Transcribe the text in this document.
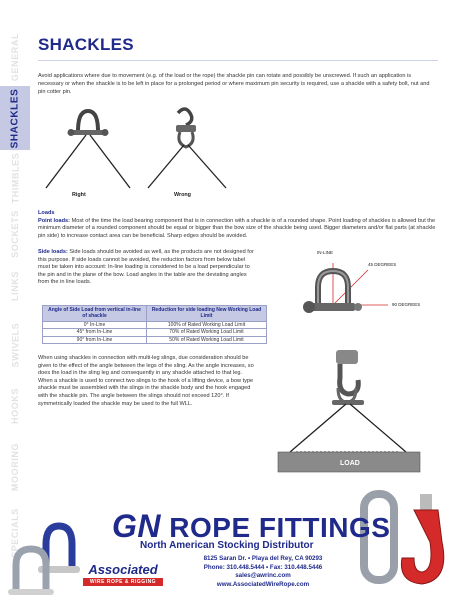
GENERAL
SHACKLES
THIMBLES
SOCKETS
LINKS
SWIVELS
HOOKS
MOORING
SPECIALS
SHACKLES

Avoid applications where due to movement (e.g. of the load or the rope) the shackle pin can rotate and possibly be unscrewed. If such an application is necessary or when the shackle is to be left in place for a prolonged period or where maximum pin security is required, use a shackle with a safety bolt, nut and pin cotter pin.

Right	Wrong
Loads

Point loads: Most of the time the load bearing component that is in connection with a shackle is of a rounded shape. Point loading of shackles is allowed but the minimum diameter of a rounded component should be equal or bigger than the bow size of the shackle being used. Bigger diameters and/or flat parts (at shackle pin side) to increase contact area can be beneficial. Sharp edges should be avoided.

Side loads: Side loads should be avoided as well, as the products are not designed for this purpose. If side loads cannot be avoided, the reduction factors from below tabel must be taken into account: In-line loading is considered to be a load perpendicular to the pin and in the plane of the bow. Load angles in the table are the deviating angles from the in line loads.

IN-LINE
45 DEGREES
90 DEGREES
Angle of Side Load from vertical in-line of shackle	Reduction for side loading New Working Load Limit
0° In-Line	100% of Rated Working Load Limit
45° from In-Line	70% of Rated Working Load Limit
90° from In-Line	50% of Rated Working Load Limit

When using shackles in connection with multi-leg slings, due consideration should be given to the effect of the angle between the legs of the sling. As the angle increases, so does the load in the sling leg and consequently in any shackle attached to that leg. When a shackle is used to connect two slings to the hook of a lifting device, a bow type shackle must be assembled with the slings in the shackle body and the hook engaged with the shackle pin. The angle between the slings should not exceed 120°. If symmetrically loaded the shackle may be used to the full WLL.

LOAD
GN ROPE FITTINGS
North American Stocking Distributor
Associated
WIRE ROPE & RIGGING
8125 Saran Dr. • Playa del Rey, CA 90293
Phone: 310.448.5444 • Fax: 310.448.5446
sales@awrinc.com
www.AssociatedWireRope.com
